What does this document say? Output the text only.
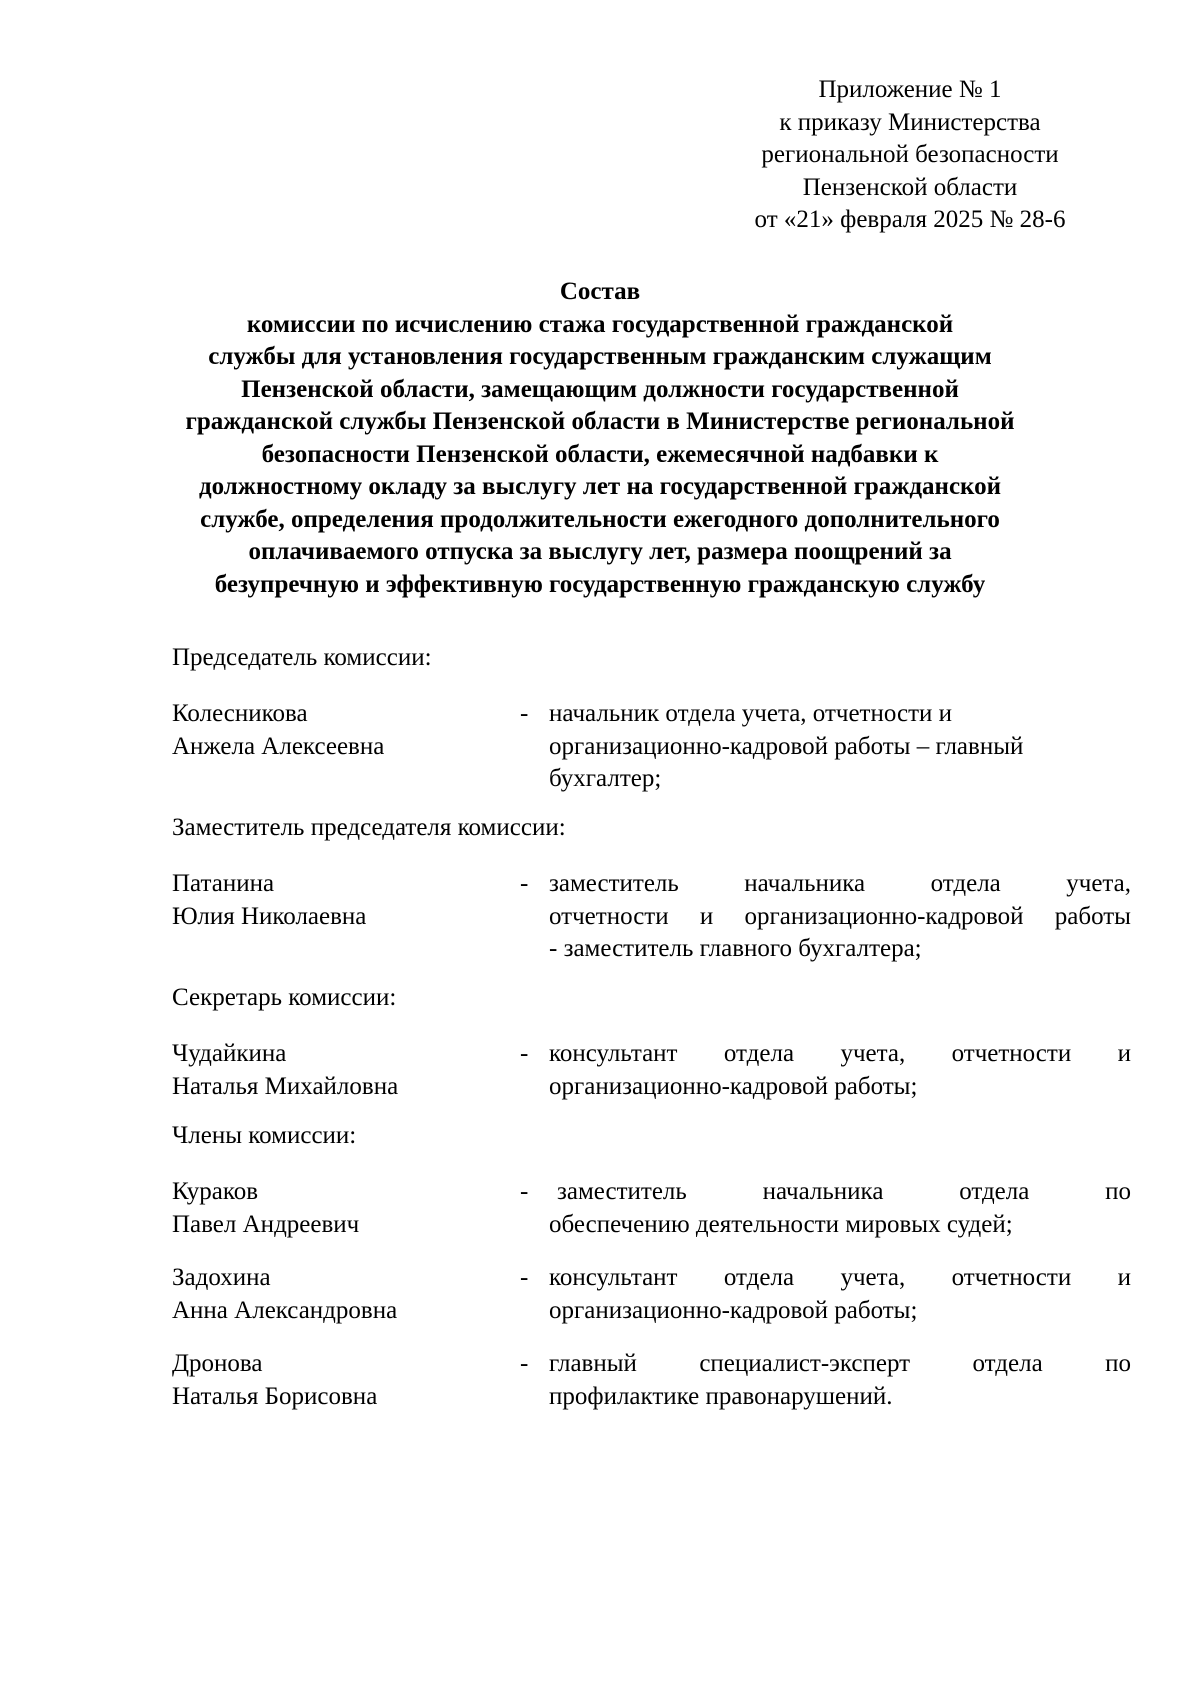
Приложение № 1
к приказу Министерства
региональной безопасности
Пензенской области
от «21» февраля 2025 № 28-6
Состав
комиссии по исчислению стажа государственной гражданской
службы для установления государственным гражданским служащим
Пензенской области, замещающим должности государственной
гражданской службы Пензенской области в Министерстве региональной
безопасности Пензенской области, ежемесячной надбавки к
должностному окладу за выслугу лет на государственной гражданской
службе, определения продолжительности ежегодного дополнительного
оплачиваемого отпуска за выслугу лет, размера поощрений за
безупречную и эффективную государственную гражданскую службу
Председатель комиссии:
Колесникова
Анжела Алексеевна
- начальник отдела учета, отчетности и
организационно-кадровой работы – главный
бухгалтер;
Заместитель председателя комиссии:
Патанина
Юлия Николаевна
- заместитель	начальника	отдела	учета,
отчетности и организационно-кадровой работы
- заместитель главного бухгалтера;
Секретарь комиссии:
Чудайкина
Наталья Михайловна
- консультант отдела учета, отчетности и
организационно-кадровой работы;
Члены комиссии:
Кураков
Павел Андреевич
- заместитель	начальника	отдела	по
обеспечению деятельности мировых судей;
Задохина
Анна Александровна
- консультант отдела учета, отчетности и
организационно-кадровой работы;
Дронова
Наталья Борисовна
- главный специалист-эксперт отдела по
профилактике правонарушений.
